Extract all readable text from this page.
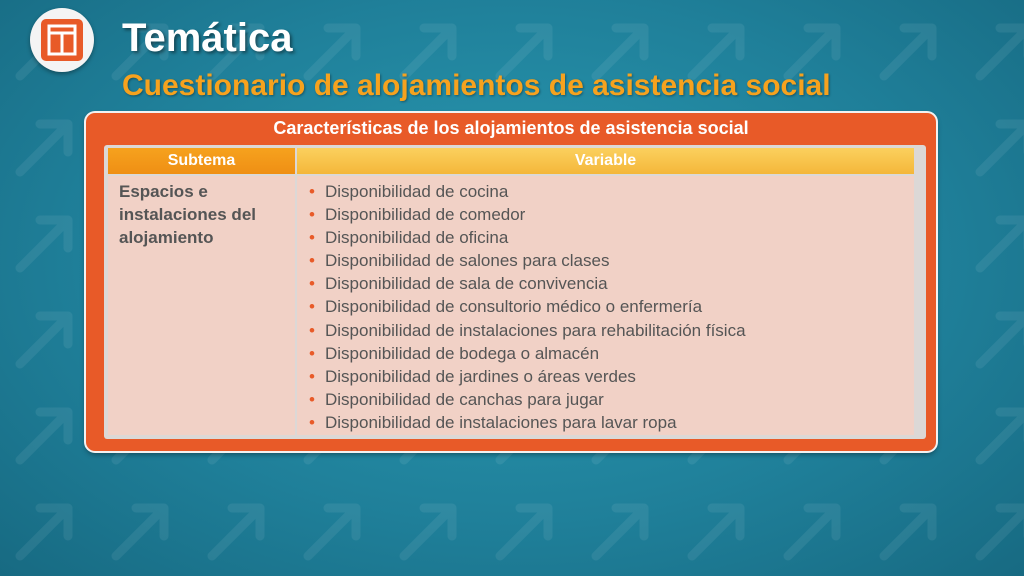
Temática
Cuestionario de alojamientos de asistencia social
Características de los alojamientos de asistencia social
Subtema	Variable
Espacios e instalaciones del alojamiento
• Disponibilidad de cocina
• Disponibilidad de comedor
• Disponibilidad de oficina
• Disponibilidad de salones para clases
• Disponibilidad de sala de convivencia
• Disponibilidad de consultorio médico o enfermería
• Disponibilidad de instalaciones para rehabilitación física
• Disponibilidad de bodega o almacén
• Disponibilidad de jardines o áreas verdes
• Disponibilidad de canchas para jugar
• Disponibilidad de instalaciones para lavar ropa
